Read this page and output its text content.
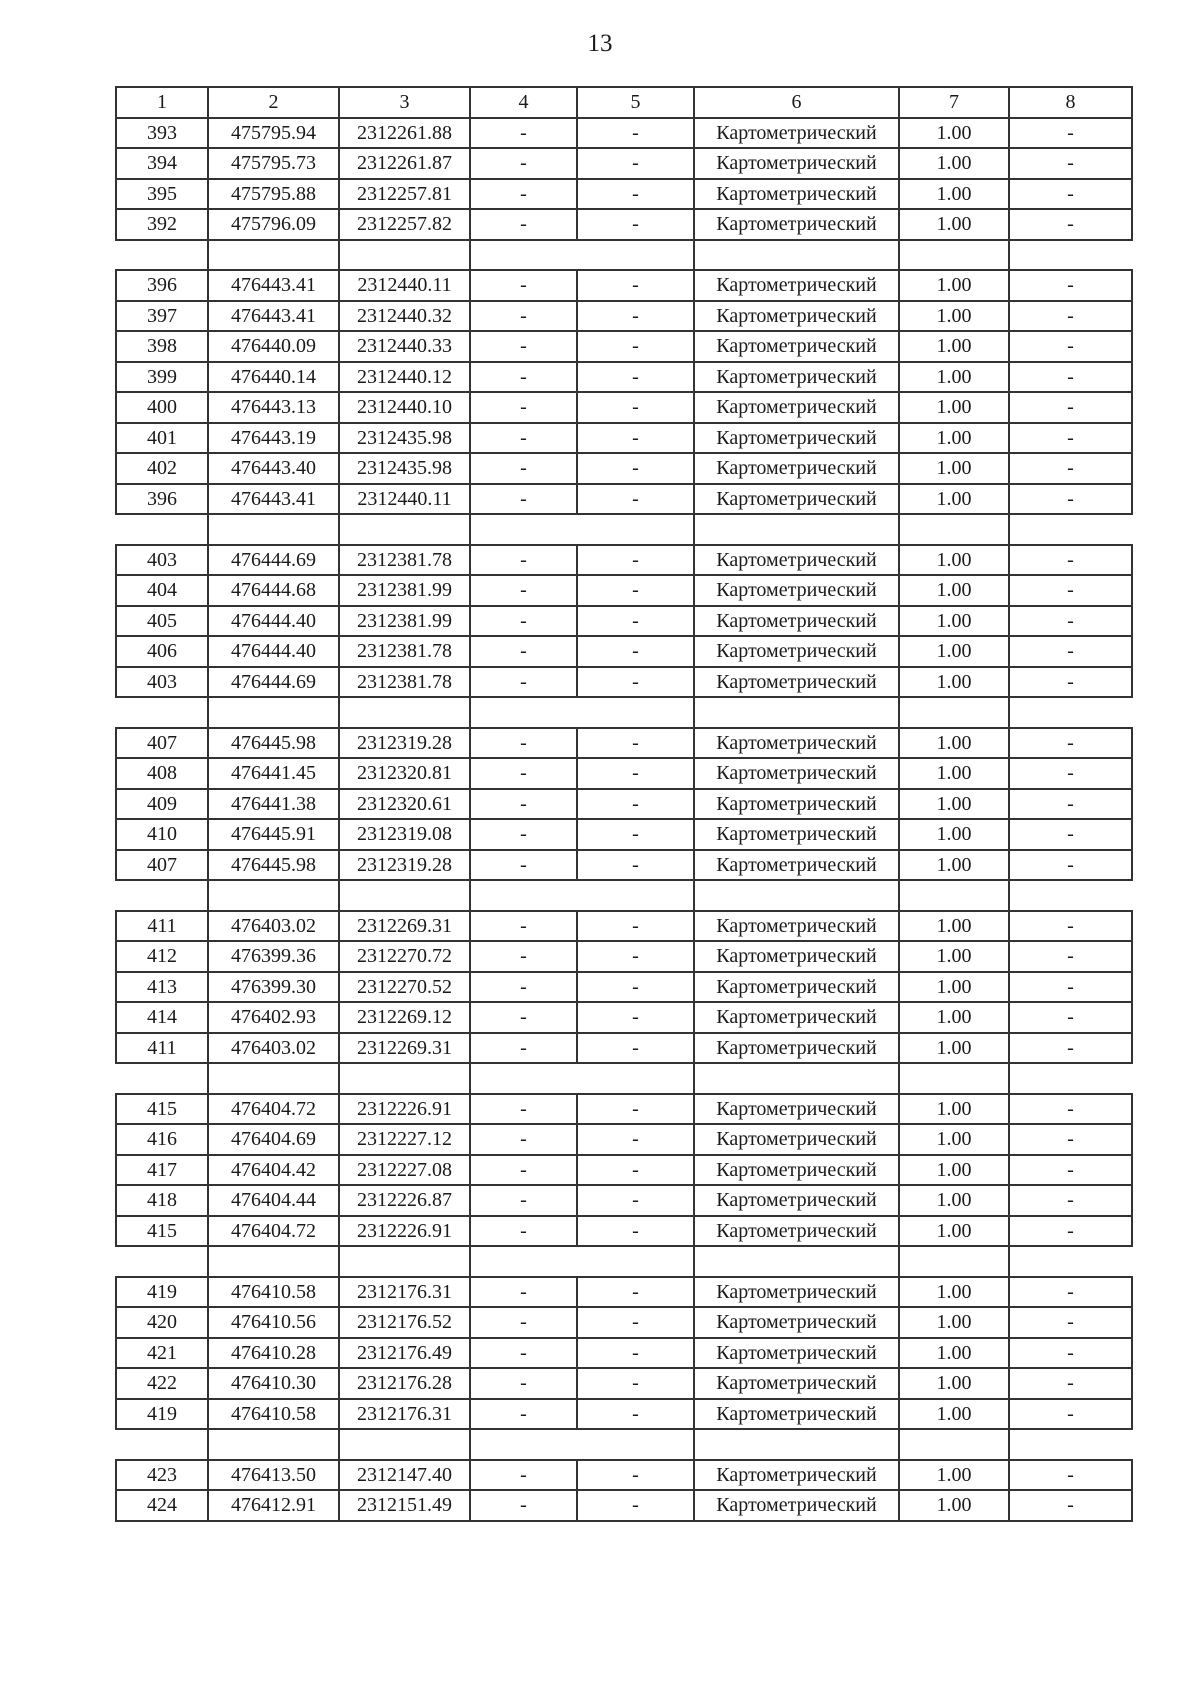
13
1	2	3	4	5	6	7	8
393	475795.94	2312261.88	-	-	Картометрический	1.00	-
394	475795.73	2312261.87	-	-	Картометрический	1.00	-
395	475795.88	2312257.81	-	-	Картометрический	1.00	-
392	475796.09	2312257.82	-	-	Картометрический	1.00	-

396	476443.41	2312440.11	-	-	Картометрический	1.00	-
397	476443.41	2312440.32	-	-	Картометрический	1.00	-
398	476440.09	2312440.33	-	-	Картометрический	1.00	-
399	476440.14	2312440.12	-	-	Картометрический	1.00	-
400	476443.13	2312440.10	-	-	Картометрический	1.00	-
401	476443.19	2312435.98	-	-	Картометрический	1.00	-
402	476443.40	2312435.98	-	-	Картометрический	1.00	-
396	476443.41	2312440.11	-	-	Картометрический	1.00	-

403	476444.69	2312381.78	-	-	Картометрический	1.00	-
404	476444.68	2312381.99	-	-	Картометрический	1.00	-
405	476444.40	2312381.99	-	-	Картометрический	1.00	-
406	476444.40	2312381.78	-	-	Картометрический	1.00	-
403	476444.69	2312381.78	-	-	Картометрический	1.00	-

407	476445.98	2312319.28	-	-	Картометрический	1.00	-
408	476441.45	2312320.81	-	-	Картометрический	1.00	-
409	476441.38	2312320.61	-	-	Картометрический	1.00	-
410	476445.91	2312319.08	-	-	Картометрический	1.00	-
407	476445.98	2312319.28	-	-	Картометрический	1.00	-

411	476403.02	2312269.31	-	-	Картометрический	1.00	-
412	476399.36	2312270.72	-	-	Картометрический	1.00	-
413	476399.30	2312270.52	-	-	Картометрический	1.00	-
414	476402.93	2312269.12	-	-	Картометрический	1.00	-
411	476403.02	2312269.31	-	-	Картометрический	1.00	-

415	476404.72	2312226.91	-	-	Картометрический	1.00	-
416	476404.69	2312227.12	-	-	Картометрический	1.00	-
417	476404.42	2312227.08	-	-	Картометрический	1.00	-
418	476404.44	2312226.87	-	-	Картометрический	1.00	-
415	476404.72	2312226.91	-	-	Картометрический	1.00	-

419	476410.58	2312176.31	-	-	Картометрический	1.00	-
420	476410.56	2312176.52	-	-	Картометрический	1.00	-
421	476410.28	2312176.49	-	-	Картометрический	1.00	-
422	476410.30	2312176.28	-	-	Картометрический	1.00	-
419	476410.58	2312176.31	-	-	Картометрический	1.00	-

423	476413.50	2312147.40	-	-	Картометрический	1.00	-
424	476412.91	2312151.49	-	-	Картометрический	1.00	-
